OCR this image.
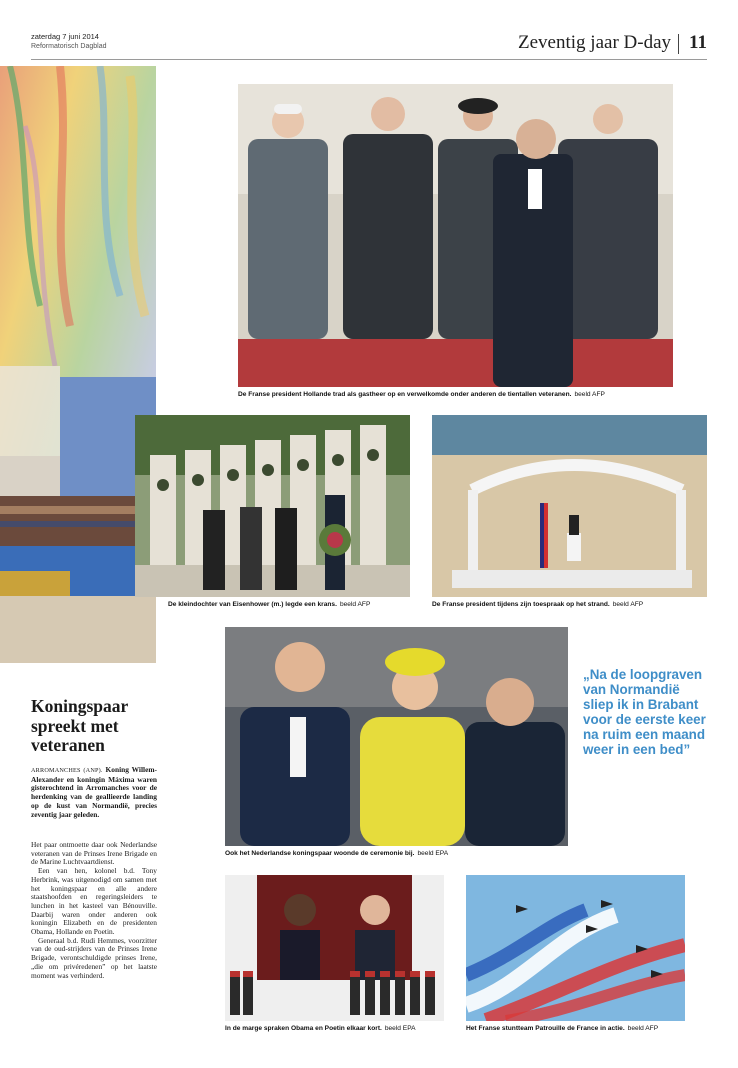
zaterdag 7 juni 2014
Reformatorisch Dagblad	Zeventig jaar D-day 11
De Franse president Hollande trad als gastheer op en verwelkomde onder anderen de tientallen veteranen. beeld AFP
De kleindochter van Eisenhower (m.) legde een krans. beeld AFP	De Franse president tijdens zijn toespraak op het strand. beeld AFP
Ook het Nederlandse koningspaar woonde de ceremonie bij. beeld EPA
In de marge spraken Obama en Poetin elkaar kort. beeld EPA	Het Franse stuntteam Patrouille de France in actie. beeld AFP
Koningspaar spreekt met veteranen
ARROMANCHES (ANP). Koning Willem-Alexander en koningin Máxima waren gisterochtend in Arromanches voor de herdenking van de geallieerde landing op de kust van Normandië, precies zeventig jaar geleden.

Het paar ontmoette daar ook Nederlandse veteranen van de Prinses Irene Brigade en de Marine Luchtvaartdienst.

Een van hen, kolonel b.d. Tony Herbrink, was uitgenodigd om samen met het koningspaar en alle andere staatshoofden en regeringsleiders te lunchen in het kasteel van Bénouville. Daarbij waren onder anderen ook koningin Elizabeth en de presidenten Obama, Hollande en Poetin.

Generaal b.d. Rudi Hemmes, voorzitter van de oud-strijders van de Prinses Irene Brigade, verontschuldigde prinses Irene, „die om privéredenen” op het laatste moment was verhinderd.

„Na de loopgraven van Normandië sliep ik in Brabant voor de eerste keer na ruim een maand weer in een bed”
